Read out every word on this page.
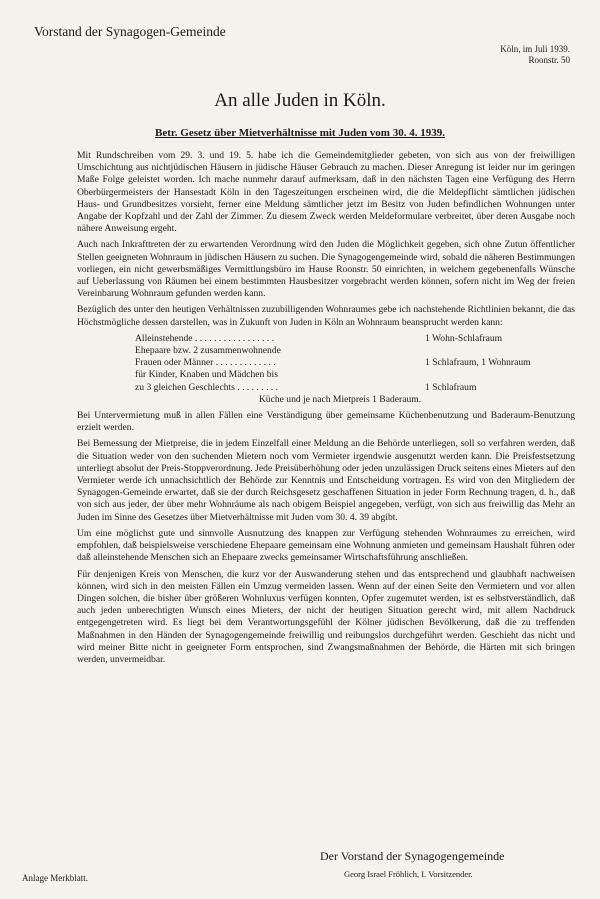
Vorstand der Synagogen-Gemeinde
Köln, im Juli 1939.
Roonstr. 50
An alle Juden in Köln.
Betr. Gesetz über Mietverhältnisse mit Juden vom 30. 4. 1939.

Mit Rundschreiben vom 29. 3. und 19. 5. habe ich die Gemeindemitglieder gebeten, von sich aus von der freiwilligen Umschichtung aus nichtjüdischen Häusern in jüdische Häuser Gebrauch zu machen. Dieser Anregung ist leider nur im geringen Maße Folge geleistet worden. Ich mache nunmehr darauf aufmerksam, daß in den nächsten Tagen eine Verfügung des Herrn Oberbürgermeisters der Hansestadt Köln in den Tageszeitungen erscheinen wird, die die Meldepflicht sämtlichen jüdischen Haus- und Grundbesitzes vorsieht, ferner eine Meldung sämtlicher jetzt im Besitz von Juden befindlichen Wohnungen unter Angabe der Kopfzahl und der Zahl der Zimmer. Zu diesem Zweck werden Meldeformulare verbreitet, über deren Ausgabe noch nähere Anweisung ergeht.

Auch nach Inkrafttreten der zu erwartenden Verordnung wird den Juden die Möglichkeit gegeben, sich ohne Zutun öffentlicher Stellen geeigneten Wohnraum in jüdischen Häusern zu suchen. Die Synagogengemeinde wird, sobald die näheren Bestimmungen vorliegen, ein nicht gewerbsmäßiges Vermittlungsbüro im Hause Roonstr. 50 einrichten, in welchem gegebenenfalls Wünsche auf Ueberlassung von Räumen bei einem bestimmten Hausbesitzer vorgebracht werden können, sofern nicht im Weg der freien Vereinbarung Wohnraum gefunden werden kann.

Bezüglich des unter den heutigen Verhältnissen zuzubilligenden Wohnraumes gebe ich nachstehende Richtlinien bekannt, die das Höchstmögliche dessen darstellen, was in Zukunft von Juden in Köln an Wohnraum beansprucht werden kann:

Alleinstehende . . . . . . . . . . . . . . . . .	1 Wohn-Schlafraum
Ehepaare bzw. 2 zusammenwohnende
Frauen oder Männer . . . . . . . . . . . . .	1 Schlafraum, 1 Wohnraum
für Kinder, Knaben und Mädchen bis
zu 3 gleichen Geschlechts . . . . . . . . .	1 Schlafraum
Küche und je nach Mietpreis 1 Baderaum.

Bei Untervermietung muß in allen Fällen eine Verständigung über gemeinsame Küchenbenutzung und Baderaum-Benutzung erzielt werden.

Bei Bemessung der Mietpreise, die in jedem Einzelfall einer Meldung an die Behörde unterliegen, soll so verfahren werden, daß die Situation weder von den suchenden Mietern noch vom Vermieter irgendwie ausgenutzt werden kann. Die Preisfestsetzung unterliegt absolut der Preis-Stoppverordnung. Jede Preisüberhöhung oder jeden unzulässigen Druck seitens eines Mieters auf den Vermieter werde ich unnachsichtlich der Behörde zur Kenntnis und Entscheidung vortragen. Es wird von den Mitgliedern der Synagogen-Gemeinde erwartet, daß sie der durch Reichsgesetz geschaffenen Situation in jeder Form Rechnung tragen, d. h., daß von sich aus jeder, der über mehr Wohnräume als nach obigem Beispiel angegeben, verfügt, von sich aus freiwillig das Mehr an Juden im Sinne des Gesetzes über Mietverhältnisse mit Juden vom 30. 4. 39 abgibt.

Um eine möglichst gute und sinnvolle Ausnutzung des knappen zur Verfügung stehenden Wohnraumes zu erreichen, wird empfohlen, daß beispielsweise verschiedene Ehepaare gemeinsam eine Wohnung anmieten und gemeinsam Haushalt führen oder daß alleinstehende Menschen sich an Ehepaare zwecks gemeinsamer Wirtschaftsführung anschließen.

Für denjenigen Kreis von Menschen, die kurz vor der Auswanderung stehen und das entsprechend und glaubhaft nachweisen können, wird sich in den meisten Fällen ein Umzug vermeiden lassen. Wenn auf der einen Seite den Vermietern und vor allen Dingen solchen, die bisher über größeren Wohnluxus verfügen konnten, Opfer zugemutet werden, ist es selbstverständlich, daß auch jeden unberechtigten Wunsch eines Mieters, der nicht der heutigen Situation gerecht wird, mit allem Nachdruck entgegengetreten wird. Es liegt bei dem Verantwortungsgefühl der Kölner jüdischen Bevölkerung, daß die zu treffenden Maßnahmen in den Händen der Synagogengemeinde freiwillig und reibungslos durchgeführt werden. Geschieht das nicht und wird meiner Bitte nicht in geeigneter Form entsprochen, sind Zwangsmaßnahmen der Behörde, die Härten mit sich bringen werden, unvermeidbar.

Der Vorstand der Synagogengemeinde
Georg Israel Fröhlich, I. Vorsitzender.
Anlage Merkblatt.
